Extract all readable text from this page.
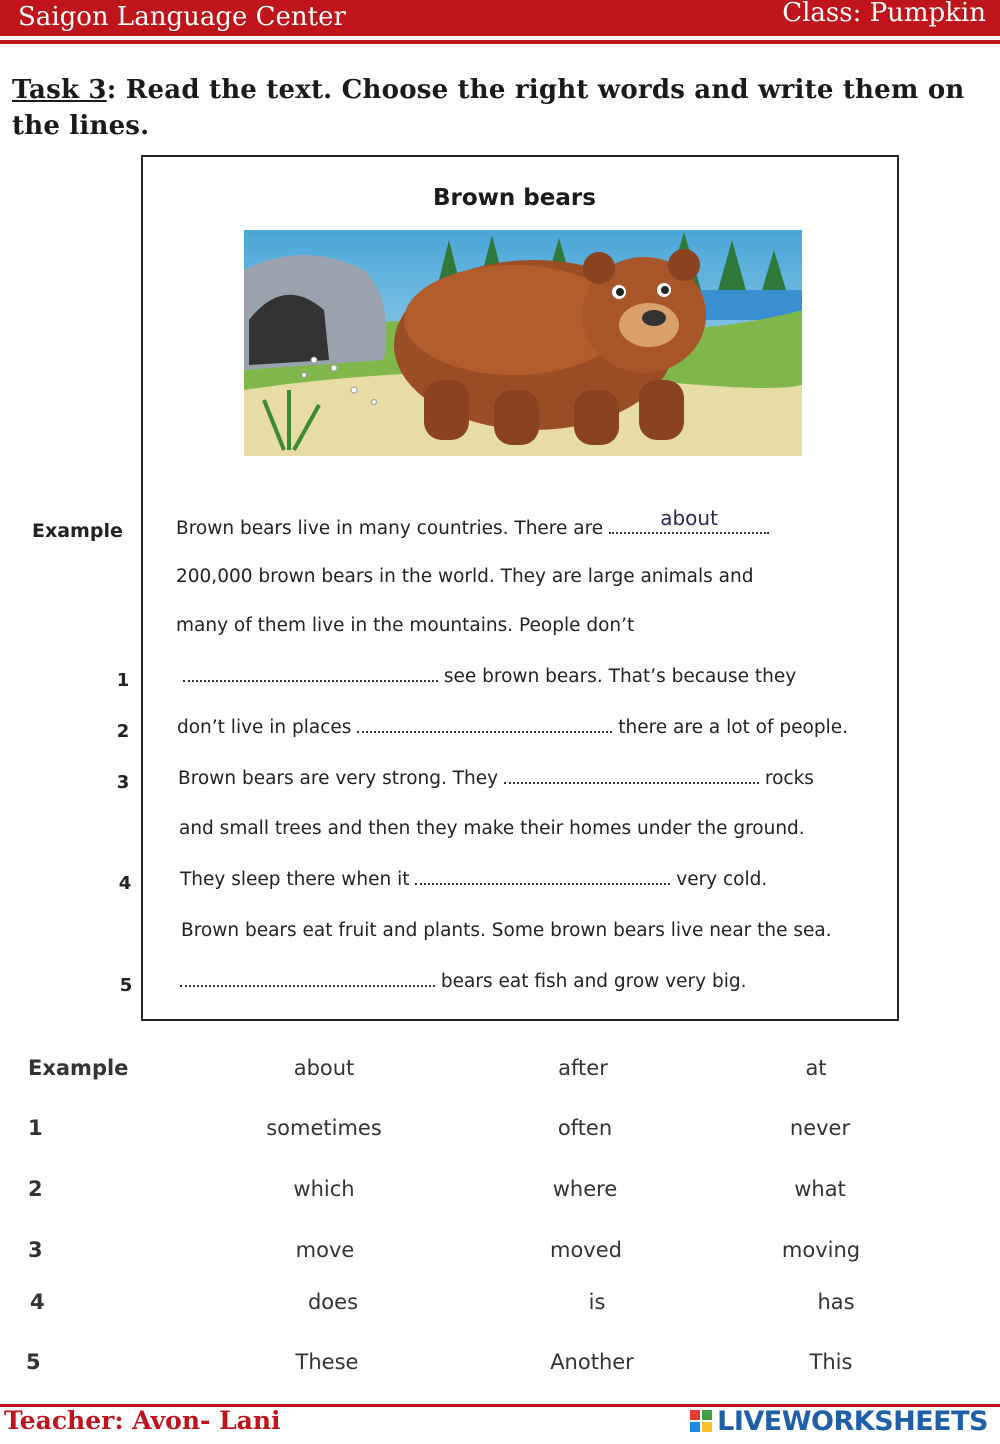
Saigon Language Center	Class: Pumpkin
Task 3: Read the text. Choose the right words and write them on the lines.
Brown bears
Example	Brown bears live in many countries. There are	about
200,000 brown bears in the world. They are large animals and
many of them live in the mountains. People don’t
1	see brown bears. That’s because they
2	don’t live in places	there are a lot of people.
3	Brown bears are very strong. They	rocks
and small trees and then they make their homes under the ground.
4	They sleep there when it	very cold.
Brown bears eat fruit and plants. Some brown bears live near the sea.
5	bears eat fish and grow very big.
Example	about	after	at
1	sometimes	often	never
2	which	where	what
3	move	moved	moving
4	does	is	has
5	These	Another	This
Teacher: Avon- Lani	LIVEWORKSHEETS
